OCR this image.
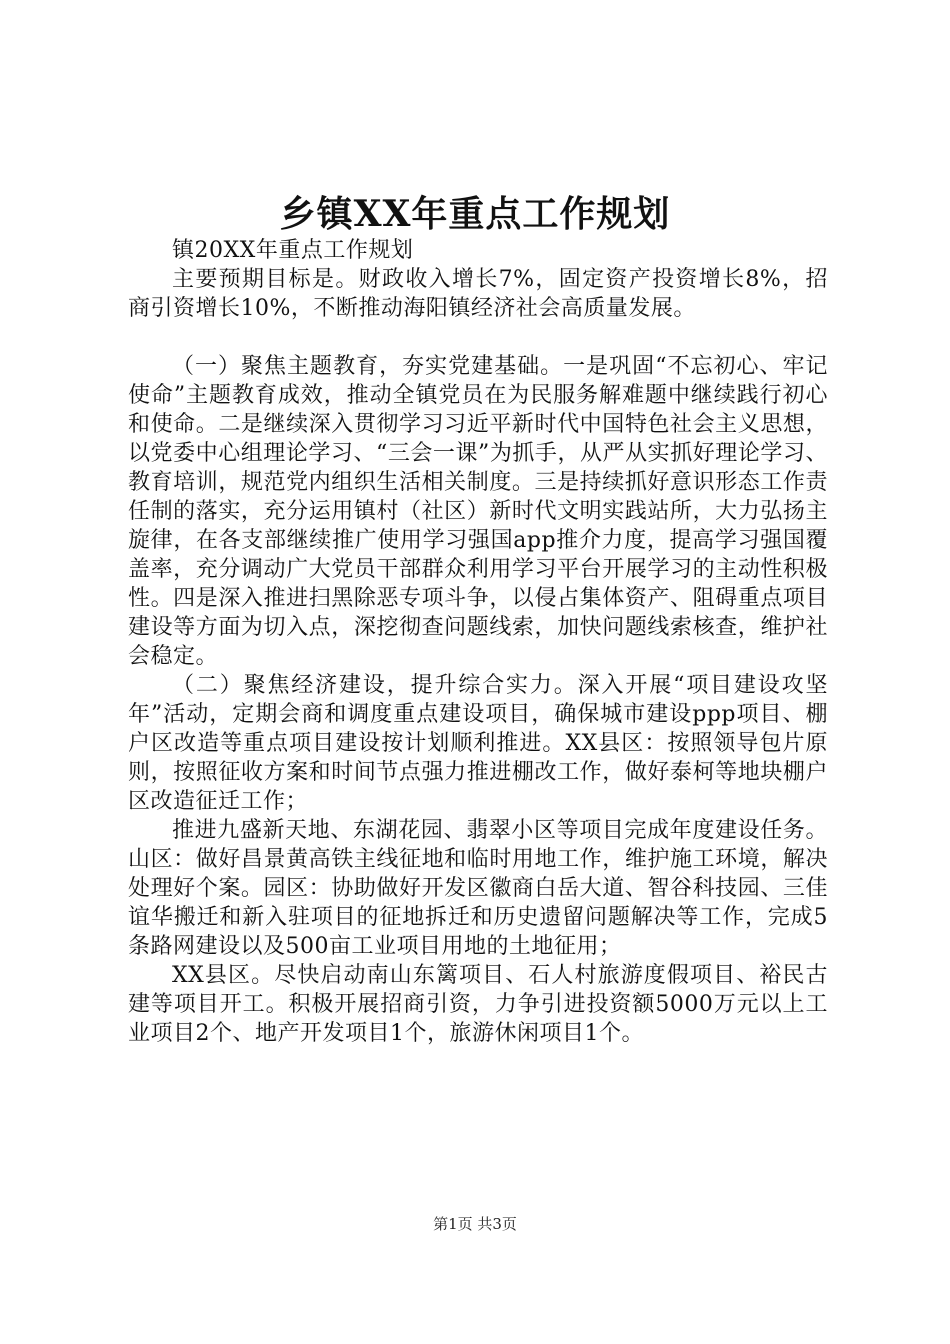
乡镇XX年重点工作规划

镇20XX年重点工作规划

主要预期目标是。财政收入增长7%，固定资产投资增长8%，招商引资增长10%，不断推动海阳镇经济社会高质量发展。

（一）聚焦主题教育，夯实党建基础。一是巩固“不忘初心、牢记使命”主题教育成效，推动全镇党员在为民服务解难题中继续践行初心和使命。二是继续深入贯彻学习习近平新时代中国特色社会主义思想，以党委中心组理论学习、“三会一课”为抓手，从严从实抓好理论学习、教育培训，规范党内组织生活相关制度。三是持续抓好意识形态工作责任制的落实，充分运用镇村（社区）新时代文明实践站所，大力弘扬主旋律，在各支部继续推广使用学习强国app推介力度，提高学习强国覆盖率，充分调动广大党员干部群众利用学习平台开展学习的主动性积极性。四是深入推进扫黑除恶专项斗争，以侵占集体资产、阻碍重点项目建设等方面为切入点，深挖彻查问题线索，加快问题线索核查，维护社会稳定。

（二）聚焦经济建设，提升综合实力。深入开展“项目建设攻坚年”活动，定期会商和调度重点建设项目，确保城市建设ppp项目、棚户区改造等重点项目建设按计划顺利推进。XX县区：按照领导包片原则，按照征收方案和时间节点强力推进棚改工作，做好泰柯等地块棚户区改造征迁工作；

推进九盛新天地、东湖花园、翡翠小区等项目完成年度建设任务。山区：做好昌景黄高铁主线征地和临时用地工作，维护施工环境，解决处理好个案。园区：协助做好开发区徽商白岳大道、智谷科技园、三佳谊华搬迁和新入驻项目的征地拆迁和历史遗留问题解决等工作，完成5条路网建设以及500亩工业项目用地的土地征用；

XX县区。尽快启动南山东篱项目、石人村旅游度假项目、裕民古建等项目开工。积极开展招商引资，力争引进投资额5000万元以上工业项目2个、地产开发项目1个，旅游休闲项目1个。

第1页 共3页
